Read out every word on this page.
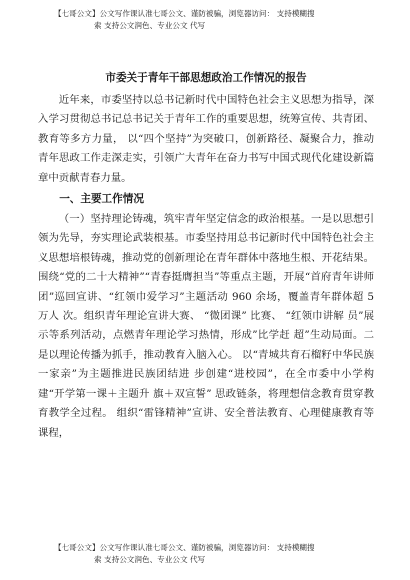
【七哥公文】公文写作课认准七哥公文、谨防被骗，浏览器访问： 支持模糊搜
索 支持公文润色、专业公文 代写
市委关于青年干部思想政治工作情况的报告

近年来，市委坚持以总书记新时代中国特色社会主义思想为指导，深入学习贯彻总书记总书记关于青年工作的重要思想，统筹宣传、共青团、教育等多方力量， 以“四个坚持”为突破口，创新路径、凝聚合力，推动青年思政工作走深走实，引领广大青年在奋力书写中国式现代化建设新篇章中贡献青春力量。

一、主要工作情况

（一）坚持理论铸魂，筑牢青年坚定信念的政治根基。一是以思想引领为先导，夯实理论武装根基。市委坚持用总书记新时代中国特色社会主义思想培根铸魂，推动党的创新理论在青年群体中落地生根、开花结果。围绕“党的二十大精神”“青春挺膺担当”等重点主题，开展“首府青年讲师团”巡回宣讲、“红领巾爱学习”主题活动 960 余场，覆盖青年群体超 5 万人 次。组织青年理论宣讲大赛、 “微团课” 比赛、 “红领巾讲解 员”展示等系列活动，点燃青年理论学习热情，形成”比学赶 超”生动局面。二是以理论传播为抓手，推动教育入脑入心。 以“青城共育石榴籽中华民族一家亲”为主题推进民族团结进 步创建“进校园”，在全市委中小学构建“开学第一课＋主题升 旗＋双宣誓” 思政链条，将理想信念教育贯穿教育教学全过程。 组织“雷锋精神”宣讲、安全普法教育、心理健康教育等课程，

【七哥公文】公文写作课认准七哥公文、谨防被骗，浏览器访问： 支持模糊搜
索 支持公文润色、专业公文 代写
